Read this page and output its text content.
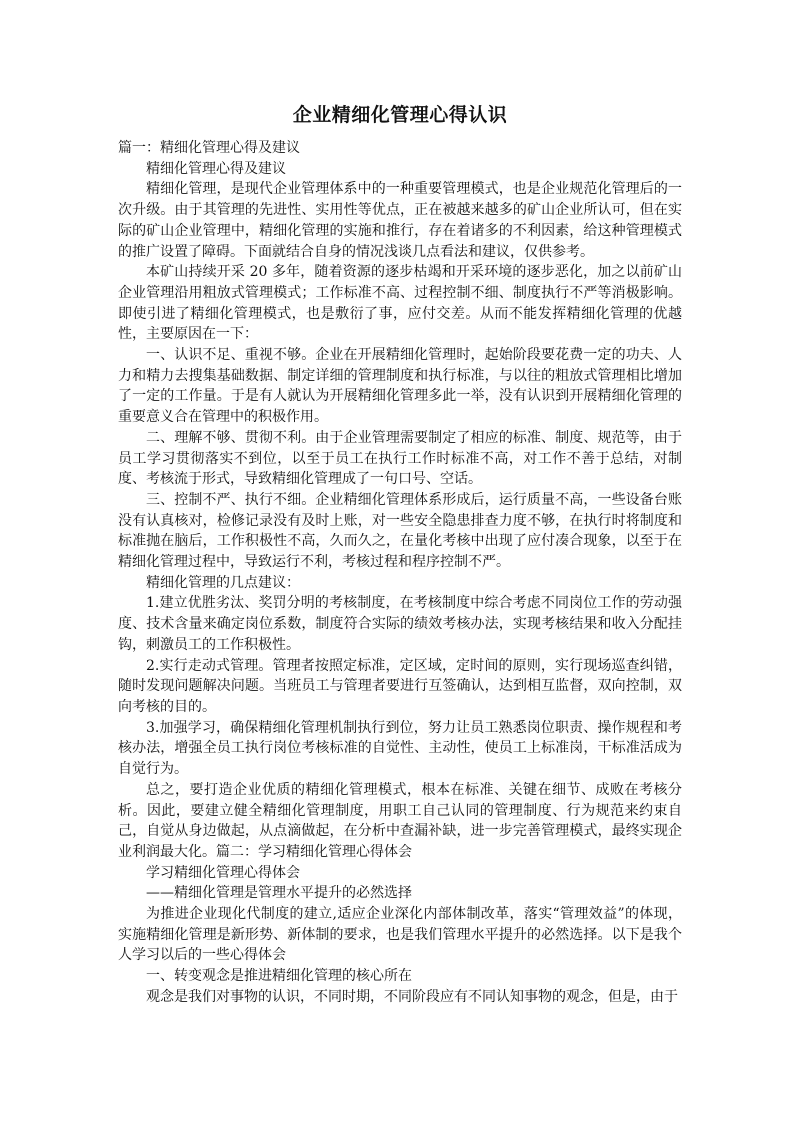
企业精细化管理心得认识

篇一：精细化管理心得及建议

精细化管理心得及建议

精细化管理，是现代企业管理体系中的一种重要管理模式，也是企业规范化管理后的一次升级。由于其管理的先进性、实用性等优点，正在被越来越多的矿山企业所认可，但在实际的矿山企业管理中，精细化管理的实施和推行，存在着诸多的不利因素，给这种管理模式的推广设置了障碍。下面就结合自身的情况浅谈几点看法和建议，仅供参考。

本矿山持续开采 20 多年，随着资源的逐步枯竭和开采环境的逐步恶化，加之以前矿山企业管理沿用粗放式管理模式；工作标准不高、过程控制不细、制度执行不严等消极影响。即使引进了精细化管理模式，也是敷衍了事，应付交差。从而不能发挥精细化管理的优越性，主要原因在一下：

一、认识不足、重视不够。企业在开展精细化管理时，起始阶段要花费一定的功夫、人力和精力去搜集基础数据、制定详细的管理制度和执行标准，与以往的粗放式管理相比增加了一定的工作量。于是有人就认为开展精细化管理多此一举，没有认识到开展精细化管理的重要意义合在管理中的积极作用。

二、理解不够、贯彻不利。由于企业管理需要制定了相应的标准、制度、规范等，由于员工学习贯彻落实不到位，以至于员工在执行工作时标准不高，对工作不善于总结，对制度、考核流于形式，导致精细化管理成了一句口号、空话。

三、控制不严、执行不细。企业精细化管理体系形成后，运行质量不高，一些设备台账没有认真核对，检修记录没有及时上账，对一些安全隐患排查力度不够，在执行时将制度和标准抛在脑后，工作积极性不高，久而久之，在量化考核中出现了应付凑合现象，以至于在精细化管理过程中，导致运行不利，考核过程和程序控制不严。

精细化管理的几点建议：

1.建立优胜劣汰、奖罚分明的考核制度，在考核制度中综合考虑不同岗位工作的劳动强度、技术含量来确定岗位系数，制度符合实际的绩效考核办法，实现考核结果和收入分配挂钩，刺激员工的工作积极性。

2.实行走动式管理。管理者按照定标准，定区域，定时间的原则，实行现场巡查纠错，随时发现问题解决问题。当班员工与管理者要进行互签确认，达到相互监督，双向控制，双向考核的目的。

3.加强学习，确保精细化管理机制执行到位，努力让员工熟悉岗位职责、操作规程和考核办法，增强全员工执行岗位考核标准的自觉性、主动性，使员工上标准岗，干标准活成为自觉行为。

总之，要打造企业优质的精细化管理模式，根本在标准、关键在细节、成败在考核分析。因此，要建立健全精细化管理制度，用职工自己认同的管理制度、行为规范来约束自己，自觉从身边做起，从点滴做起，在分析中查漏补缺，进一步完善管理模式，最终实现企业利润最大化。篇二：学习精细化管理心得体会

学习精细化管理心得体会

——精细化管理是管理水平提升的必然选择

为推进企业现化代制度的建立,适应企业深化内部体制改革，落实“管理效益”的体现，实施精细化管理是新形势、新体制的要求，也是我们管理水平提升的必然选择。以下是我个人学习以后的一些心得体会

一、转变观念是推进精细化管理的核心所在

观念是我们对事物的认识，不同时期，不同阶段应有不同认知事物的观念，但是，由于
